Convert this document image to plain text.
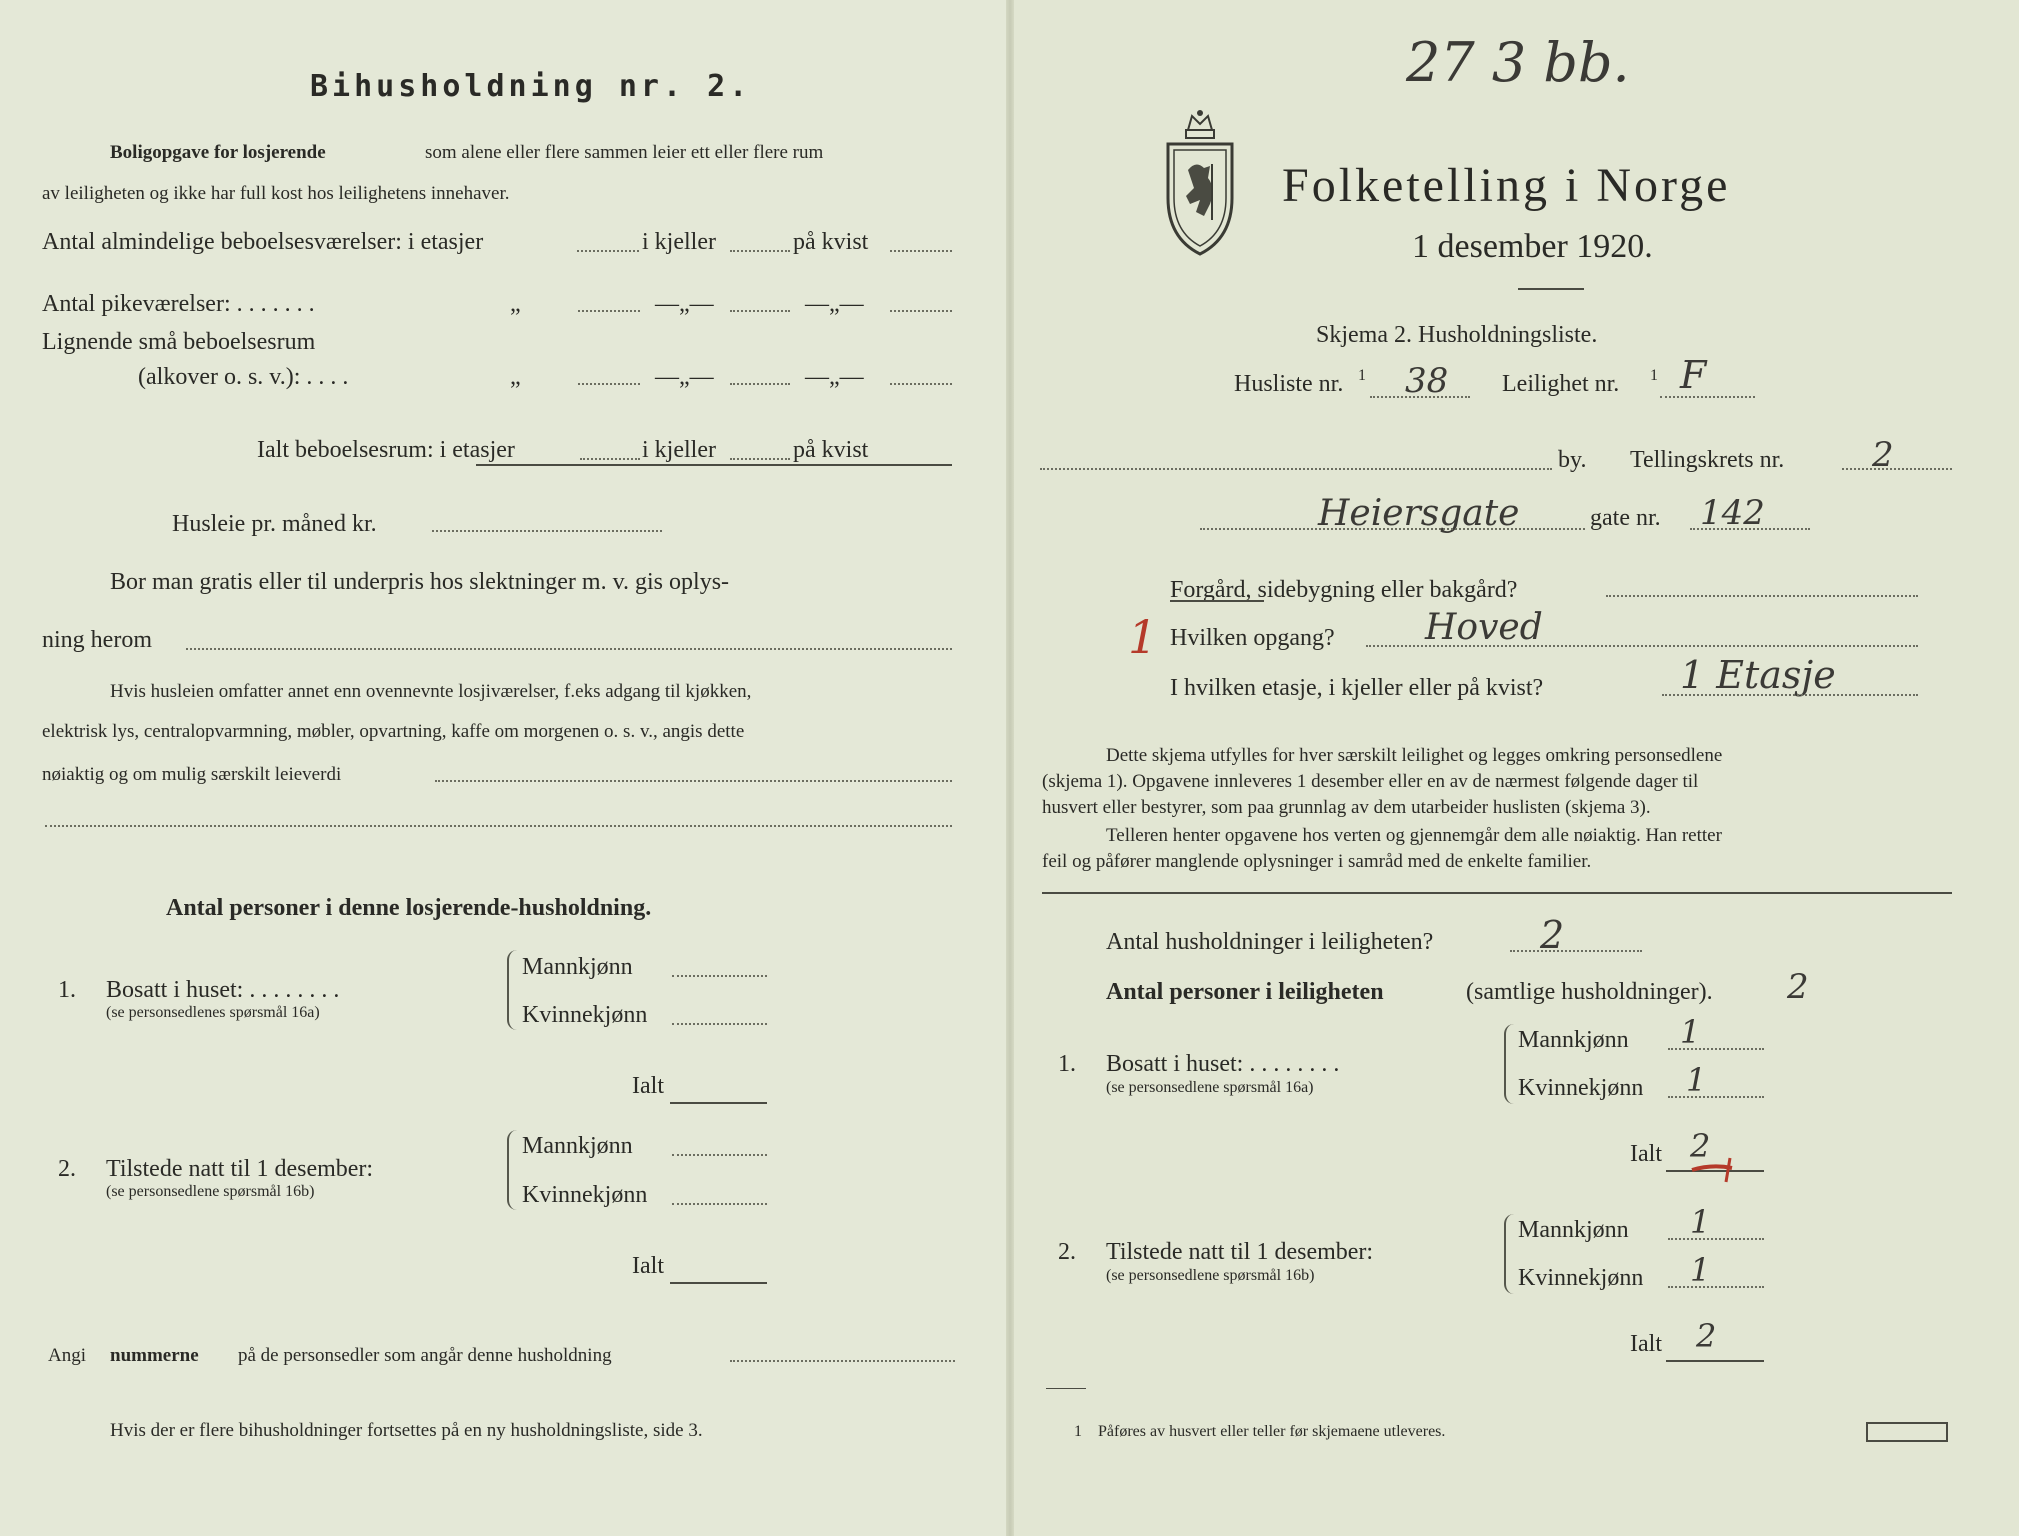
Bihusholdning nr. 2.
Boligopgave for losjerende	som alene eller flere sammen leier ett eller flere rum
av leiligheten og ikke har full kost hos leilighetens innehaver.
Antal almindelige beboelsesværelser: i etasjer	i kjeller	på kvist
Antal pikeværelser: . . . . . . .	„	—„—	—„—
Lignende små beboelsesrum
(alkover o. s. v.): . . . .	„	—„—	—„—
Ialt beboelsesrum: i etasjer	i kjeller	på kvist
Husleie pr. måned kr.
Bor man gratis eller til underpris hos slektninger m. v. gis oplys-
ning herom
Hvis husleien omfatter annet enn ovennevnte losjiværelser, f.eks adgang til kjøkken,
elektrisk lys, centralopvarmning, møbler, opvartning, kaffe om morgenen o. s. v., angis dette
nøiaktig og om mulig særskilt leieverdi
Antal personer i denne losjerende-husholdning.
1. Bosatt i huset: . . . . . . . .
(se personsedlenes spørsmål 16a)
Mannkjønn
Kvinnekjønn
Ialt
2. Tilstede natt til 1 desember:
(se personsedlene spørsmål 16b)
Mannkjønn
Kvinnekjønn
Ialt
Angi nummerne på de personsedler som angår denne husholdning
Hvis der er flere bihusholdninger fortsettes på en ny husholdningsliste, side 3.
27 3 bb.
Folketelling i Norge
1 desember 1920.
Skjema 2. Husholdningsliste.
Husliste nr. 1 38 Leilighet nr. 1 F
by. Tellingskrets nr.	2
Heiersgate	gate nr. 142
Forgård, sidebygning eller bakgård?
1 Hvilken opgang?	Hoved
I hvilken etasje, i kjeller eller på kvist?	1 Etasje
Dette skjema utfylles for hver særskilt leilighet og legges omkring personsedlene
(skjema 1). Opgavene innleveres 1 desember eller en av de nærmest følgende dager til
husvert eller bestyrer, som paa grunnlag av dem utarbeider huslisten (skjema 3).
Telleren henter opgavene hos verten og gjennemgår dem alle nøiaktig. Han retter
feil og påfører manglende oplysninger i samråd med de enkelte familier.
Antal husholdninger i leiligheten?	2
Antal personer i leiligheten	(samtlige husholdninger). 2
1. Bosatt i huset: . . . . . . . .
(se personsedlene spørsmål 16a)
Mannkjønn 1
Kvinnekjønn 1
Ialt 2
2. Tilstede natt til 1 desember:
(se personsedlene spørsmål 16b)
Mannkjønn 1
Kvinnekjønn 1
Ialt 2
1 Påføres av husvert eller teller før skjemaene utleveres.
